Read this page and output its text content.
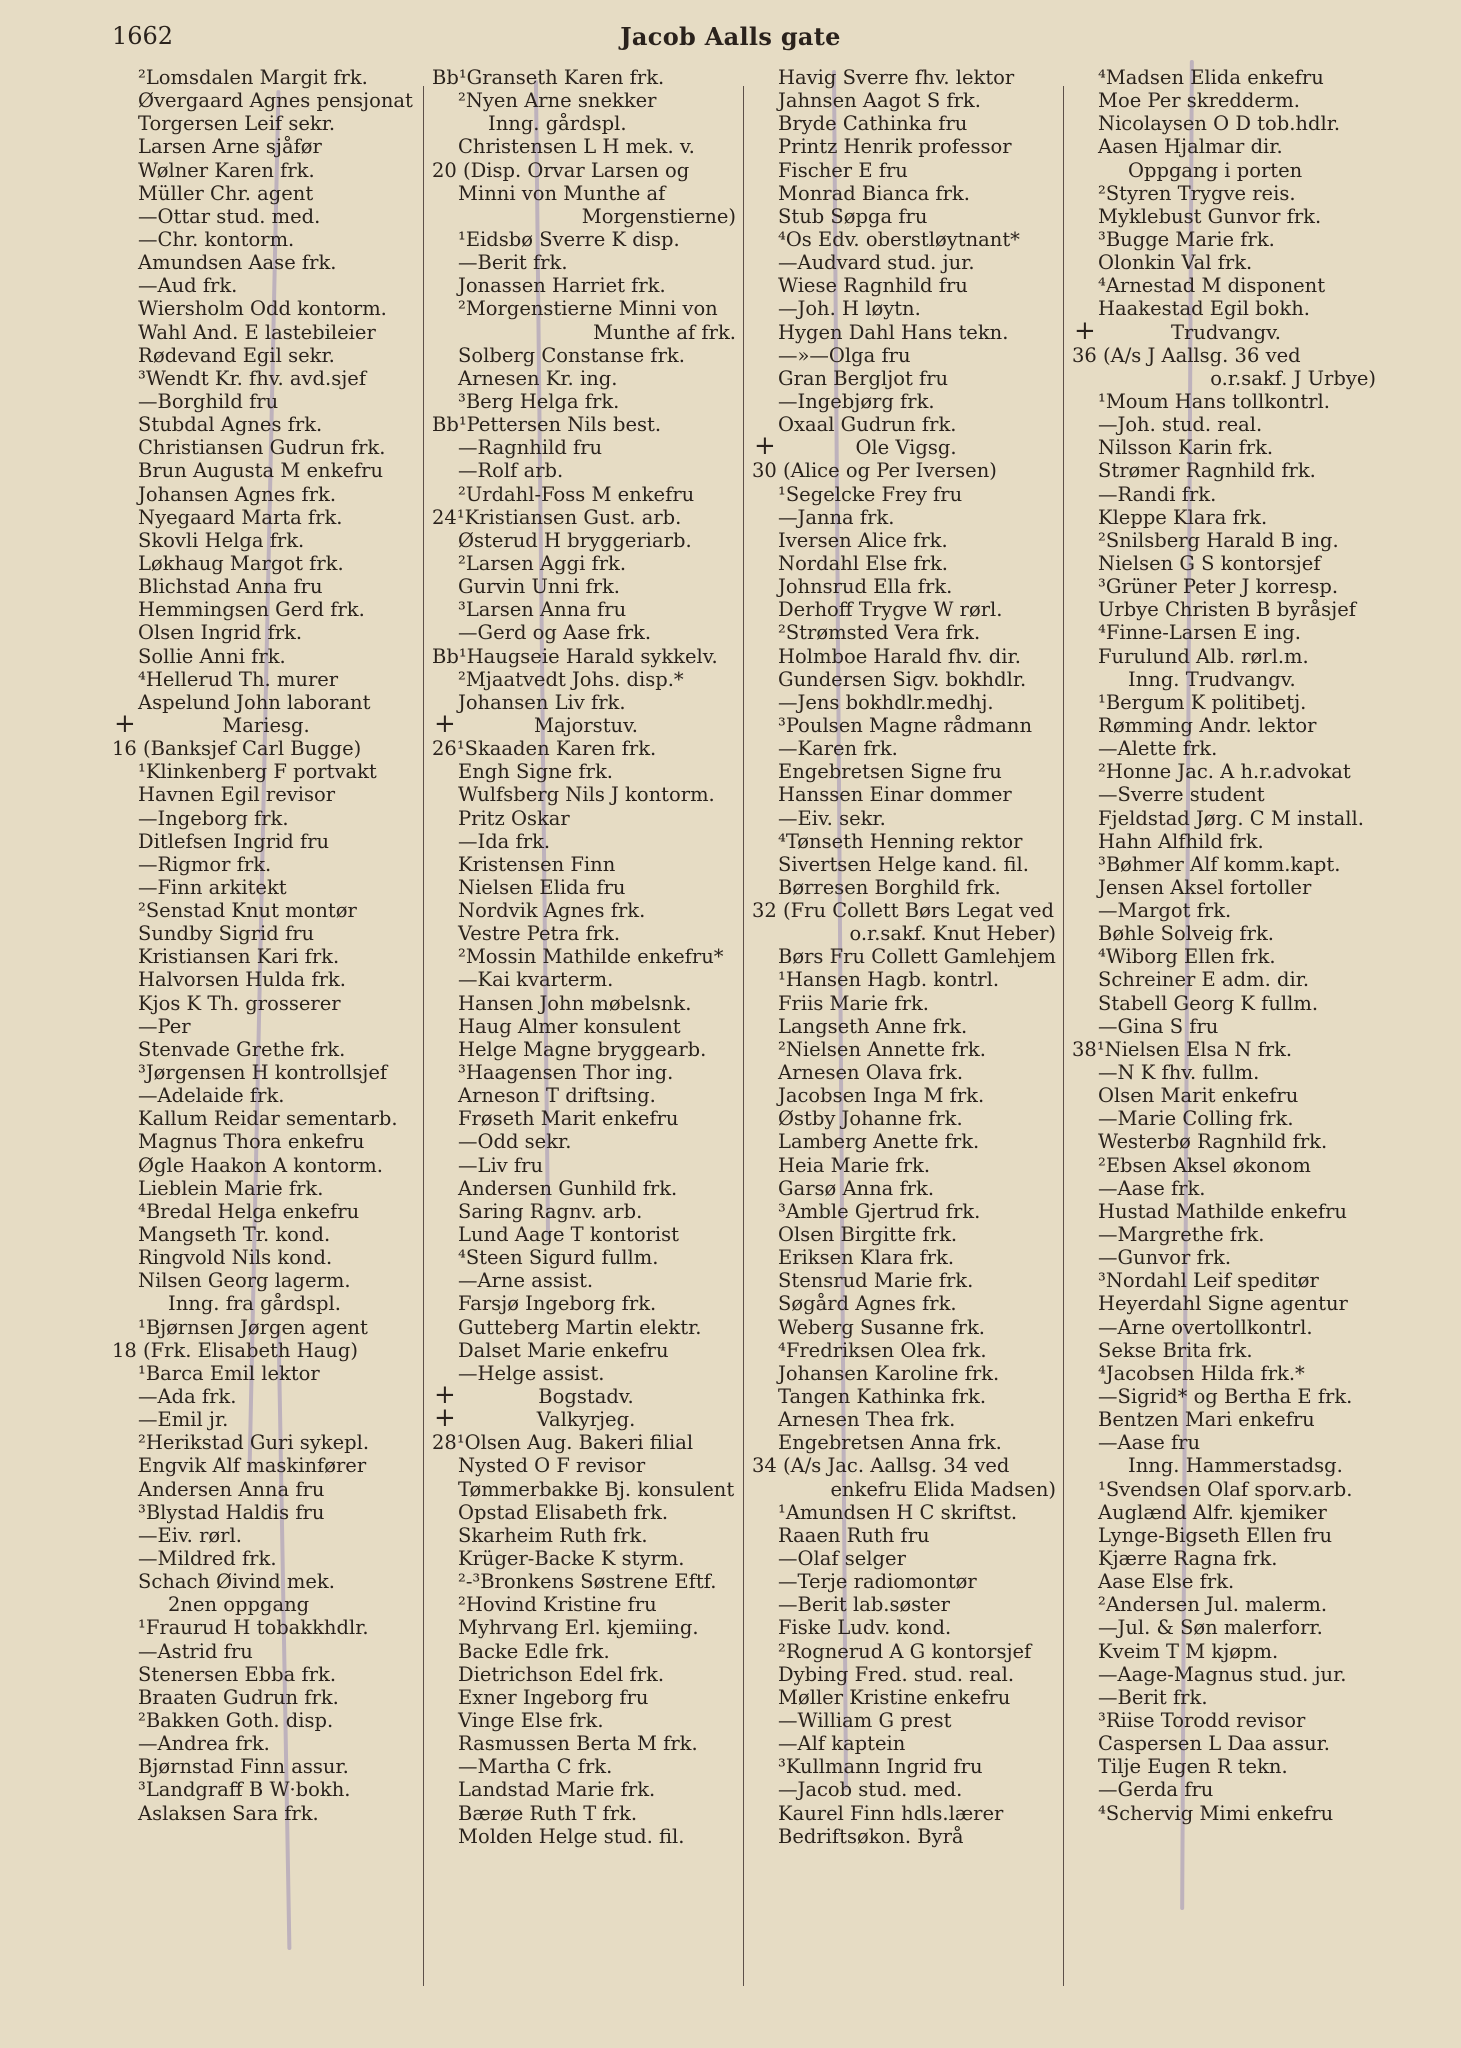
1662	Jacob Aalls gate
²Lomsdalen Margit frk.
Øvergaard Agnes pensjonat
Torgersen Leif sekr.
Larsen Arne sjåfør
Wølner Karen frk.
Müller Chr. agent
—Ottar stud. med.
—Chr. kontorm.
Amundsen Aase frk.
—Aud frk.
Wiersholm Odd kontorm.
Wahl And. E lastebileier
Rødevand Egil sekr.
³Wendt Kr. fhv. avd.sjef
—Borghild fru
Stubdal Agnes frk.
Christiansen Gudrun frk.
Brun Augusta M enkefru
Johansen Agnes frk.
Nyegaard Marta frk.
Skovli Helga frk.
Løkhaug Margot frk.
Blichstad Anna fru
Hemmingsen Gerd frk.
Olsen Ingrid frk.
Sollie Anni frk.
⁴Hellerud Th. murer
Aspelund John laborant
+	Mariesg.
16 (Banksjef Carl Bugge)
¹Klinkenberg F portvakt
Havnen Egil revisor
—Ingeborg frk.
Ditlefsen Ingrid fru
—Rigmor frk.
—Finn arkitekt
²Senstad Knut montør
Sundby Sigrid fru
Kristiansen Kari frk.
Halvorsen Hulda frk.
Kjos K Th. grosserer
—Per
Stenvade Grethe frk.
³Jørgensen H kontrollsjef
—Adelaide frk.
Kallum Reidar sementarb.
Magnus Thora enkefru
Øgle Haakon A kontorm.
Lieblein Marie frk.
⁴Bredal Helga enkefru
Mangseth Tr. kond.
Ringvold Nils kond.
Nilsen Georg lagerm.
Inng. fra gårdspl.
¹Bjørnsen Jørgen agent
18 (Frk. Elisabeth Haug)
¹Barca Emil lektor
—Ada frk.
—Emil jr.
²Herikstad Guri sykepl.
Engvik Alf maskinfører
Andersen Anna fru
³Blystad Haldis fru
—Eiv. rørl.
—Mildred frk.
Schach Øivind mek.
2nen oppgang
¹Fraurud H tobakkhdlr.
—Astrid fru
Stenersen Ebba frk.
Braaten Gudrun frk.
²Bakken Goth. disp.
—Andrea frk.
Bjørnstad Finn assur.
³Landgraff B W·bokh.
Aslaksen Sara frk.
Bb¹Granseth Karen frk.
²Nyen Arne snekker
Inng. gårdspl.
Christensen L H mek. v.
20 (Disp. Orvar Larsen og
Minni von Munthe af
Morgenstierne)
¹Eidsbø Sverre K disp.
—Berit frk.
Jonassen Harriet frk.
²Morgenstierne Minni von
Munthe af frk.
Solberg Constanse frk.
Arnesen Kr. ing.
³Berg Helga frk.
Bb¹Pettersen Nils best.
—Ragnhild fru
—Rolf arb.
²Urdahl-Foss M enkefru
24¹Kristiansen Gust. arb.
Østerud H bryggeriarb.
²Larsen Aggi frk.
Gurvin Unni frk.
³Larsen Anna fru
—Gerd og Aase frk.
Bb¹Haugseie Harald sykkelv.
²Mjaatvedt Johs. disp.*
Johansen Liv frk.
+	Majorstuv.
26¹Skaaden Karen frk.
Engh Signe frk.
Wulfsberg Nils J kontorm.
Pritz Oskar
—Ida frk.
Kristensen Finn
Nielsen Elida fru
Nordvik Agnes frk.
Vestre Petra frk.
²Mossin Mathilde enkefru*
—Kai kvarterm.
Hansen John møbelsnk.
Haug Almer konsulent
Helge Magne bryggearb.
³Haagensen Thor ing.
Arneson T driftsing.
Frøseth Marit enkefru
—Odd sekr.
—Liv fru
Andersen Gunhild frk.
Saring Ragnv. arb.
Lund Aage T kontorist
⁴Steen Sigurd fullm.
—Arne assist.
Farsjø Ingeborg frk.
Gutteberg Martin elektr.
Dalset Marie enkefru
—Helge assist.
+	Bogstadv.
+	Valkyrjeg.
28¹Olsen Aug. Bakeri filial
Nysted O F revisor
Tømmerbakke Bj. konsulent
Opstad Elisabeth frk.
Skarheim Ruth frk.
Krüger-Backe K styrm.
²-³Bronkens Søstrene Eftf.
²Hovind Kristine fru
Myhrvang Erl. kjemiing.
Backe Edle frk.
Dietrichson Edel frk.
Exner Ingeborg fru
Vinge Else frk.
Rasmussen Berta M frk.
—Martha C frk.
Landstad Marie frk.
Bærøe Ruth T frk.
Molden Helge stud. fil.
Havig Sverre fhv. lektor
Jahnsen Aagot S frk.
Bryde Cathinka fru
Printz Henrik professor
Fischer E fru
Monrad Bianca frk.
Stub Søpga fru
⁴Os Edv. oberstløytnant*
—Audvard stud. jur.
Wiese Ragnhild fru
—Joh. H løytn.
Hygen Dahl Hans tekn.
—»—Olga fru
Gran Bergljot fru
—Ingebjørg frk.
Oxaal Gudrun frk.
+	Ole Vigsg.
30 (Alice og Per Iversen)
¹Segelcke Frey fru
—Janna frk.
Iversen Alice frk.
Nordahl Else frk.
Johnsrud Ella frk.
Derhoff Trygve W rørl.
²Strømsted Vera frk.
Holmboe Harald fhv. dir.
Gundersen Sigv. bokhdlr.
—Jens bokhdlr.medhj.
³Poulsen Magne rådmann
—Karen frk.
Engebretsen Signe fru
Hanssen Einar dommer
—Eiv. sekr.
⁴Tønseth Henning rektor
Sivertsen Helge kand. fil.
Børresen Borghild frk.
32 (Fru Collett Børs Legat ved
o.r.sakf. Knut Heber)
Børs Fru Collett Gamlehjem
¹Hansen Hagb. kontrl.
Friis Marie frk.
Langseth Anne frk.
²Nielsen Annette frk.
Arnesen Olava frk.
Jacobsen Inga M frk.
Østby Johanne frk.
Lamberg Anette frk.
Heia Marie frk.
Garsø Anna frk.
³Amble Gjertrud frk.
Olsen Birgitte frk.
Eriksen Klara frk.
Stensrud Marie frk.
Søgård Agnes frk.
Weberg Susanne frk.
⁴Fredriksen Olea frk.
Johansen Karoline frk.
Tangen Kathinka frk.
Arnesen Thea frk.
Engebretsen Anna frk.
34 (A/s Jac. Aallsg. 34 ved
enkefru Elida Madsen)
¹Amundsen H C skriftst.
Raaen Ruth fru
—Olaf selger
—Terje radiomontør
—Berit lab.søster
Fiske Ludv. kond.
²Rognerud A G kontorsjef
Dybing Fred. stud. real.
Møller Kristine enkefru
—William G prest
—Alf kaptein
³Kullmann Ingrid fru
—Jacob stud. med.
Kaurel Finn hdls.lærer
Bedriftsøkon. Byrå
⁴Madsen Elida enkefru
Moe Per skredderm.
Nicolaysen O D tob.hdlr.
Aasen Hjalmar dir.
Oppgang i porten
²Styren Trygve reis.
Myklebust Gunvor frk.
³Bugge Marie frk.
Olonkin Val frk.
⁴Arnestad M disponent
Haakestad Egil bokh.
+	Trudvangv.
36 (A/s J Aallsg. 36 ved
o.r.sakf. J Urbye)
¹Moum Hans tollkontrl.
—Joh. stud. real.
Nilsson Karin frk.
Strømer Ragnhild frk.
—Randi frk.
Kleppe Klara frk.
²Snilsberg Harald B ing.
Nielsen G S kontorsjef
³Grüner Peter J korresp.
Urbye Christen B byråsjef
⁴Finne-Larsen E ing.
Furulund Alb. rørl.m.
Inng. Trudvangv.
¹Bergum K politibetj.
Rømming Andr. lektor
—Alette frk.
²Honne Jac. A h.r.advokat
—Sverre student
Fjeldstad Jørg. C M install.
Hahn Alfhild frk.
³Bøhmer Alf komm.kapt.
Jensen Aksel fortoller
—Margot frk.
Bøhle Solveig frk.
⁴Wiborg Ellen frk.
Schreiner E adm. dir.
Stabell Georg K fullm.
—Gina S fru
38¹Nielsen Elsa N frk.
—N K fhv. fullm.
Olsen Marit enkefru
—Marie Colling frk.
Westerbø Ragnhild frk.
²Ebsen Aksel økonom
—Aase frk.
Hustad Mathilde enkefru
—Margrethe frk.
—Gunvor frk.
³Nordahl Leif speditør
Heyerdahl Signe agentur
—Arne overtollkontrl.
Sekse Brita frk.
⁴Jacobsen Hilda frk.*
—Sigrid* og Bertha E frk.
Bentzen Mari enkefru
—Aase fru
Inng. Hammerstadsg.
¹Svendsen Olaf sporv.arb.
Auglænd Alfr. kjemiker
Lynge-Bigseth Ellen fru
Kjærre Ragna frk.
Aase Else frk.
²Andersen Jul. malerm.
—Jul. & Søn malerforr.
Kveim T M kjøpm.
—Aage-Magnus stud. jur.
—Berit frk.
³Riise Torodd revisor
Caspersen L Daa assur.
Tilje Eugen R tekn.
—Gerda fru
⁴Schervig Mimi enkefru
